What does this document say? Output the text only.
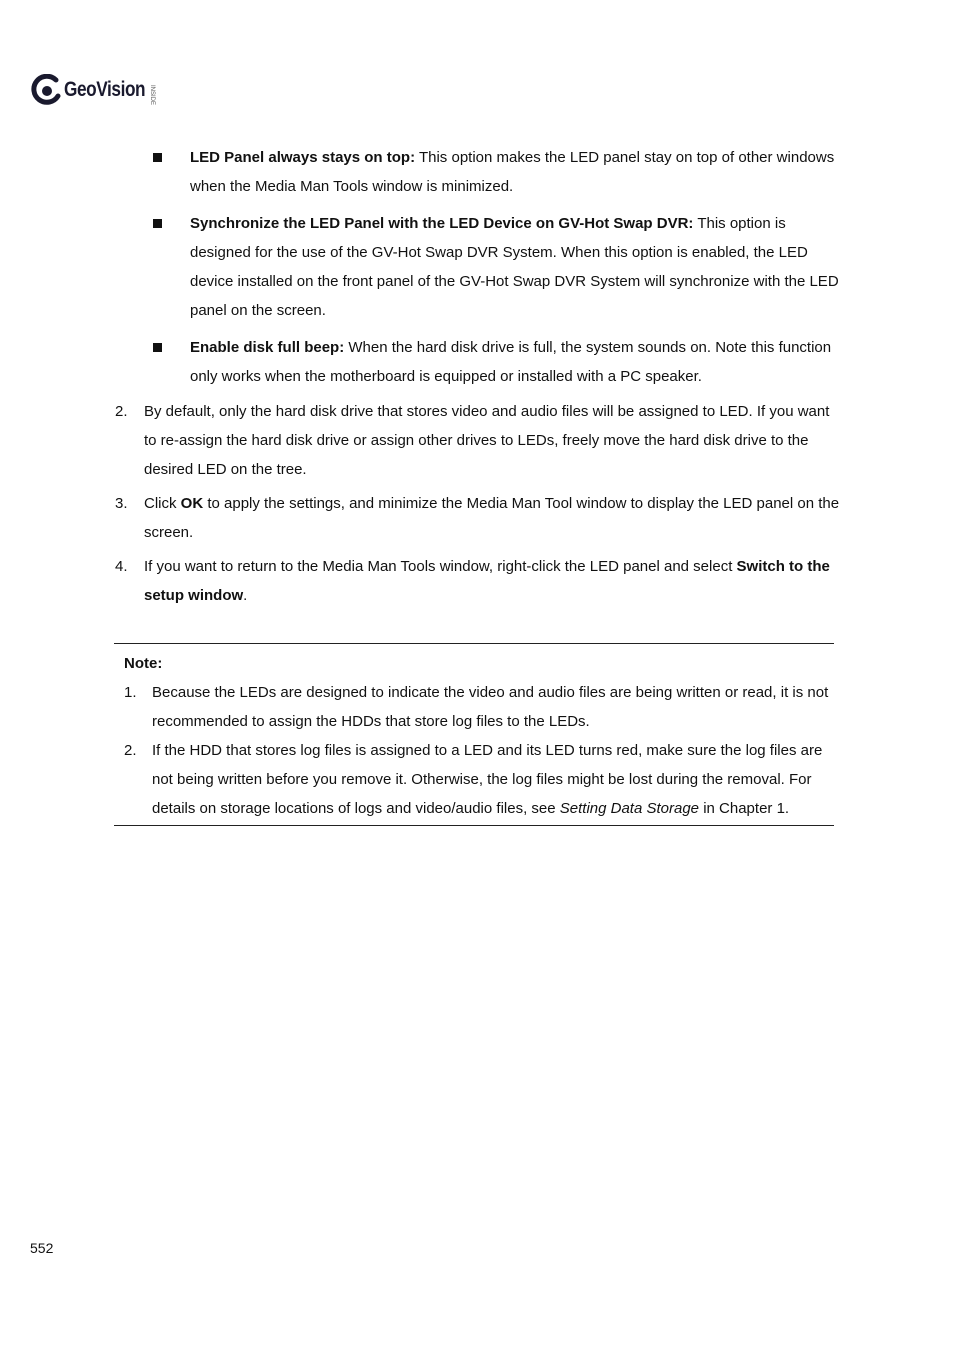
GeoVision INSIDE
LED Panel always stays on top: This option makes the LED panel stay on top of other windows when the Media Man Tools window is minimized.
Synchronize the LED Panel with the LED Device on GV-Hot Swap DVR: This option is designed for the use of the GV-Hot Swap DVR System. When this option is enabled, the LED device installed on the front panel of the GV-Hot Swap DVR System will synchronize with the LED panel on the screen.
Enable disk full beep: When the hard disk drive is full, the system sounds on. Note this function only works when the motherboard is equipped or installed with a PC speaker.
2. By default, only the hard disk drive that stores video and audio files will be assigned to LED. If you want to re-assign the hard disk drive or assign other drives to LEDs, freely move the hard disk drive to the desired LED on the tree.
3. Click OK to apply the settings, and minimize the Media Man Tool window to display the LED panel on the screen.
4. If you want to return to the Media Man Tools window, right-click the LED panel and select Switch to the setup window.
Note:
1. Because the LEDs are designed to indicate the video and audio files are being written or read, it is not recommended to assign the HDDs that store log files to the LEDs.
2. If the HDD that stores log files is assigned to a LED and its LED turns red, make sure the log files are not being written before you remove it. Otherwise, the log files might be lost during the removal. For details on storage locations of logs and video/audio files, see Setting Data Storage in Chapter 1.
552
